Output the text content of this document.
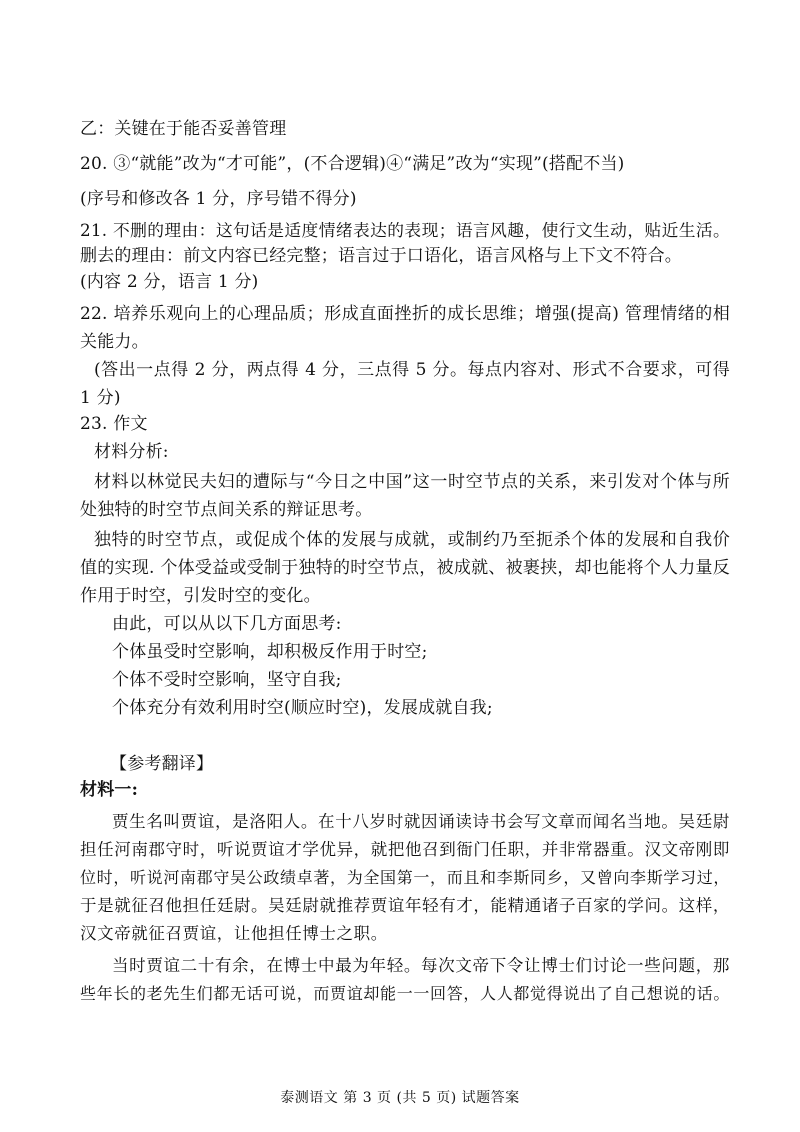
乙：关键在于能否妥善管理
20. ③“就能”改为“才可能”，(不合逻辑)④“满足”改为“实现”(搭配不当)
(序号和修改各 1 分，序号错不得分)
21. 不删的理由：这句话是适度情绪表达的表现；语言风趣，使行文生动，贴近生活。
删去的理由：前文内容已经完整；语言过于口语化，语言风格与上下文不符合。
(内容 2 分，语言 1 分)
22. 培养乐观向上的心理品质；形成直面挫折的成长思维；增强(提高) 管理情绪的相
关能力。
(答出一点得 2 分，两点得 4 分，三点得 5 分。每点内容对、形式不合要求，可得
1 分)
23. 作文
材料分析:
材料以林觉民夫妇的遭际与“今日之中国”这一时空节点的关系，来引发对个体与所
处独特的时空节点间关系的辩证思考。
独特的时空节点，或促成个体的发展与成就，或制约乃至扼杀个体的发展和自我价
值的实现. 个体受益或受制于独特的时空节点，被成就、被裹挟，却也能将个人力量反
作用于时空，引发时空的变化。
由此，可以从以下几方面思考:
个体虽受时空影响，却积极反作用于时空;
个体不受时空影响，坚守自我;
个体充分有效利用时空(顺应时空)，发展成就自我;
【参考翻译】
材料一:
贾生名叫贾谊，是洛阳人。在十八岁时就因诵读诗书会写文章而闻名当地。吴廷尉
担任河南郡守时，听说贾谊才学优异，就把他召到衙门任职，并非常器重。汉文帝刚即
位时，听说河南郡守吴公政绩卓著，为全国第一，而且和李斯同乡，又曾向李斯学习过，
于是就征召他担任廷尉。吴廷尉就推荐贾谊年轻有才，能精通诸子百家的学问。这样，
汉文帝就征召贾谊，让他担任博士之职。
当时贾谊二十有余，在博士中最为年轻。每次文帝下令让博士们讨论一些问题，那
些年长的老先生们都无话可说，而贾谊却能一一回答，人人都觉得说出了自己想说的话。
泰测语文 第 3 页 (共 5 页) 试题答案
